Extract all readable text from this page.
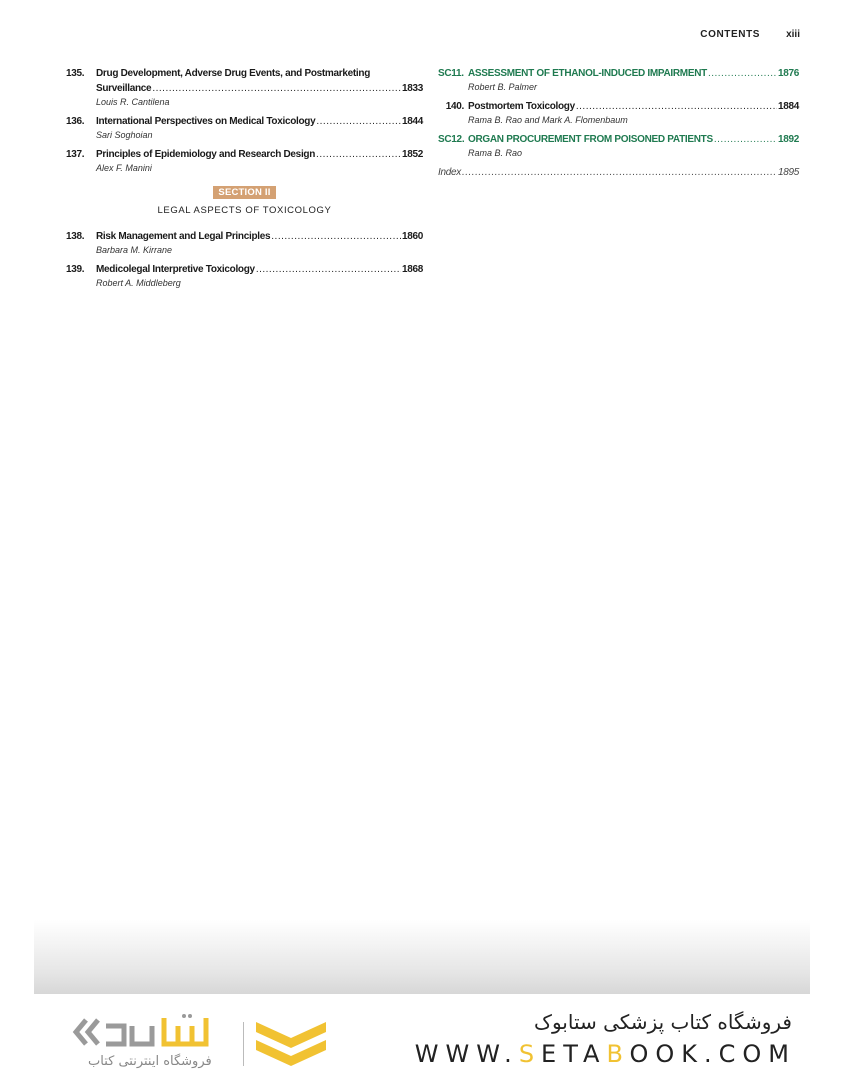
CONTENTS	xiii
135.	Drug Development, Adverse Drug Events, and Postmarketing
Surveillance .....	1833
Louis R. Cantilena
136.	International Perspectives on Medical Toxicology .....	1844
Sari Soghoian
137.	Principles of Epidemiology and Research Design .....	1852
Alex F. Manini
SECTION II
LEGAL ASPECTS OF TOXICOLOGY
138.	Risk Management and Legal Principles .....	1860
Barbara M. Kirrane
139.	Medicolegal Interpretive Toxicology .....	1868
Robert A. Middleberg
SC11. ASSESSMENT OF ETHANOL-INDUCED IMPAIRMENT .....	1876
Robert B. Palmer
140. Postmortem Toxicology .....	1884
Rama B. Rao and Mark A. Flomenbaum
SC12. ORGAN PROCUREMENT FROM POISONED PATIENTS .....	1892
Rama B. Rao
Index .....	1895
فروشگاه اینترنتی کتاب
فروشگاه کتاب پزشکی ستابوک
WWW.SETABOOK.COM
